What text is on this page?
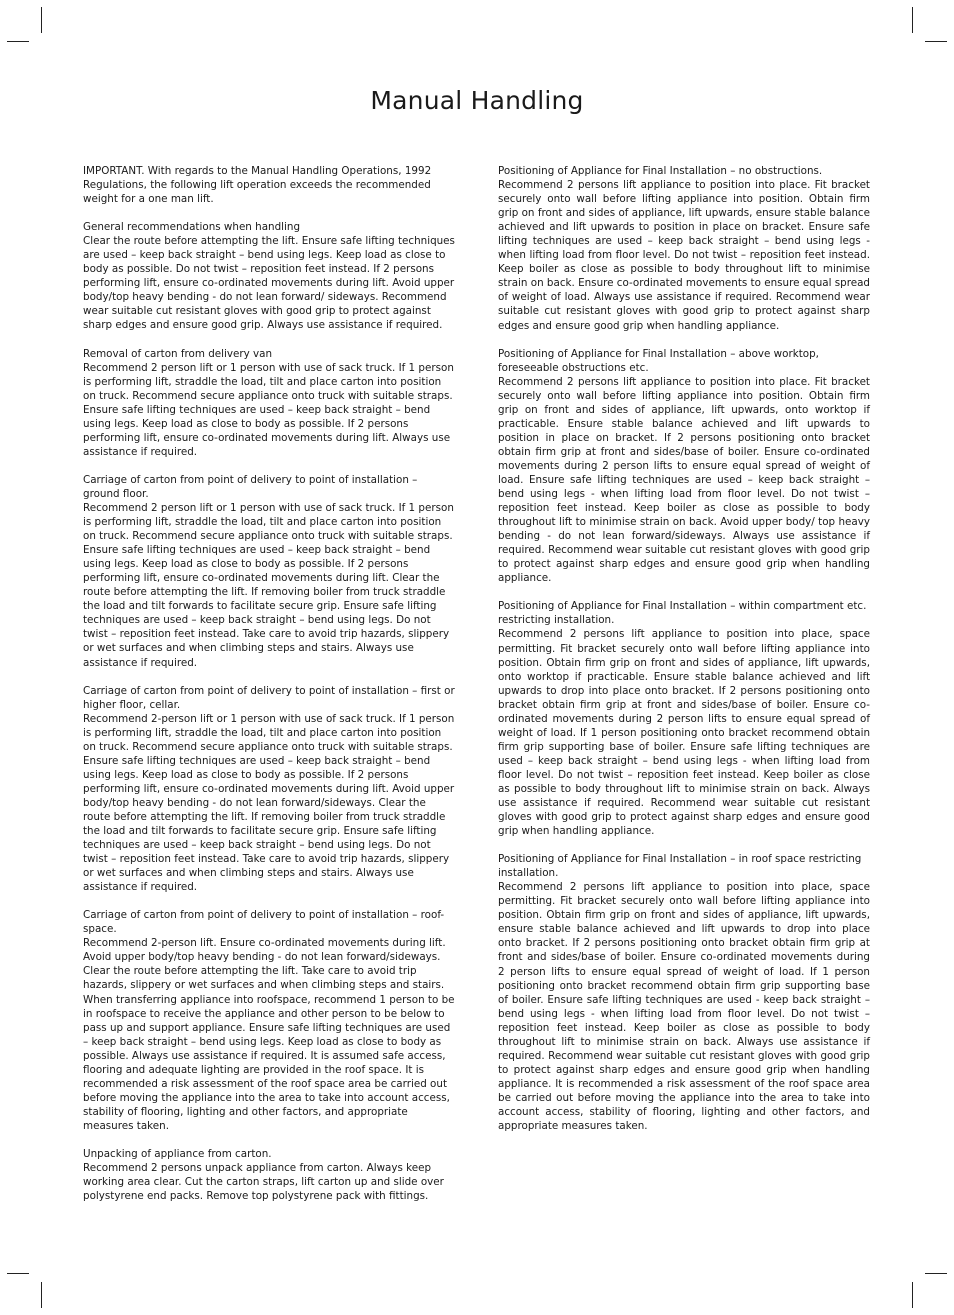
Manual Handling

IMPORTANT. With regards to the Manual Handling Operations, 1992 Regulations, the following lift operation exceeds the recommended weight for a one man lift.

General recommendations when handling

Clear the route before attempting the lift. Ensure safe lifting techniques are used – keep back straight – bend using legs. Keep load as close to body as possible. Do not twist – reposition feet instead. If 2 persons performing lift, ensure co-ordinated movements during lift. Avoid upper body/top heavy bending - do not lean forward/ sideways. Recommend wear suitable cut resistant gloves with good grip to protect against sharp edges and ensure good grip. Always use assistance if required.

Removal of carton from delivery van

Recommend 2 person lift or 1 person with use of sack truck. If 1 person is performing lift, straddle the load, tilt and place carton into position on truck. Recommend secure appliance onto truck with suitable straps. Ensure safe lifting techniques are used – keep back straight – bend using legs. Keep load as close to body as possible. If 2 persons performing lift, ensure co-ordinated movements during lift. Always use assistance if required.

Carriage of carton from point of delivery to point of installation – ground floor.

Recommend 2 person lift or 1 person with use of sack truck. If 1 person is performing lift, straddle the load, tilt and place carton into position on truck. Recommend secure appliance onto truck with suitable straps. Ensure safe lifting techniques are used – keep back straight – bend using legs. Keep load as close to body as possible. If 2 persons performing lift, ensure co-ordinated movements during lift. Clear the route before attempting the lift. If removing boiler from truck straddle the load and tilt forwards to facilitate secure grip. Ensure safe lifting techniques are used – keep back straight – bend using legs. Do not twist – reposition feet instead. Take care to avoid trip hazards, slippery or wet surfaces and when climbing steps and stairs. Always use assistance if required.

Carriage of carton from point of delivery to point of installation – first or higher floor, cellar.

Recommend 2-person lift or 1 person with use of sack truck. If 1 person is performing lift, straddle the load, tilt and place carton into position on truck. Recommend secure appliance onto truck with suitable straps. Ensure safe lifting techniques are used – keep back straight – bend using legs. Keep load as close to body as possible. If 2 persons performing lift, ensure co-ordinated movements during lift. Avoid upper body/top heavy bending - do not lean forward/sideways. Clear the route before attempting the lift. If removing boiler from truck straddle the load and tilt forwards to facilitate secure grip. Ensure safe lifting techniques are used – keep back straight – bend using legs. Do not twist – reposition feet instead. Take care to avoid trip hazards, slippery or wet surfaces and when climbing steps and stairs. Always use assistance if required.

Carriage of carton from point of delivery to point of installation – roof-space.

Recommend 2-person lift. Ensure co-ordinated movements during lift. Avoid upper body/top heavy bending - do not lean forward/sideways. Clear the route before attempting the lift. Take care to avoid trip hazards, slippery or wet surfaces and when climbing steps and stairs. When transferring appliance into roofspace, recommend 1 person to be in roofspace to receive the appliance and other person to be below to pass up and support appliance. Ensure safe lifting techniques are used – keep back straight – bend using legs. Keep load as close to body as possible. Always use assistance if required. It is assumed safe access, flooring and adequate lighting are provided in the roof space. It is recommended a risk assessment of the roof space area be carried out before moving the appliance into the area to take into account access, stability of flooring, lighting and other factors, and appropriate measures taken.

Unpacking of appliance from carton.

Recommend 2 persons unpack appliance from carton. Always keep working area clear. Cut the carton straps, lift carton up and slide over polystyrene end packs. Remove top polystyrene pack with fittings.

Positioning of Appliance for Final Installation – no obstructions.

Recommend 2 persons lift appliance to position into place. Fit bracket securely onto wall before lifting appliance into position. Obtain firm grip on front and sides of appliance, lift upwards, ensure stable balance achieved and lift upwards to position in place on bracket. Ensure safe lifting techniques are used – keep back straight – bend using legs - when lifting load from floor level. Do not twist – reposition feet instead. Keep boiler as close as possible to body throughout lift to minimise strain on back. Ensure co-ordinated movements to ensure equal spread of weight of load. Always use assistance if required. Recommend wear suitable cut resistant gloves with good grip to protect against sharp edges and ensure good grip when handling appliance.

Positioning of Appliance for Final Installation – above worktop, foreseeable obstructions etc.

Recommend 2 persons lift appliance to position into place. Fit bracket securely onto wall before lifting appliance into position. Obtain firm grip on front and sides of appliance, lift upwards, onto worktop if practicable. Ensure stable balance achieved and lift upwards to position in place on bracket. If 2 persons positioning onto bracket obtain firm grip at front and sides/base of boiler. Ensure co-ordinated movements during 2 person lifts to ensure equal spread of weight of load. Ensure safe lifting techniques are used – keep back straight – bend using legs - when lifting load from floor level. Do not twist – reposition feet instead. Keep boiler as close as possible to body throughout lift to minimise strain on back. Avoid upper body/ top heavy bending - do not lean forward/sideways. Always use assistance if required. Recommend wear suitable cut resistant gloves with good grip to protect against sharp edges and ensure good grip when handling appliance.

Positioning of Appliance for Final Installation – within compartment etc. restricting installation.

Recommend 2 persons lift appliance to position into place, space permitting. Fit bracket securely onto wall before lifting appliance into position. Obtain firm grip on front and sides of appliance, lift upwards, onto worktop if practicable. Ensure stable balance achieved and lift upwards to drop into place onto bracket. If 2 persons positioning onto bracket obtain firm grip at front and sides/base of boiler. Ensure co-ordinated movements during 2 person lifts to ensure equal spread of weight of load. If 1 person positioning onto bracket recommend obtain firm grip supporting base of boiler. Ensure safe lifting techniques are used – keep back straight – bend using legs - when lifting load from floor level. Do not twist – reposition feet instead. Keep boiler as close as possible to body throughout lift to minimise strain on back. Always use assistance if required. Recommend wear suitable cut resistant gloves with good grip to protect against sharp edges and ensure good grip when handling appliance.

Positioning of Appliance for Final Installation – in roof space restricting installation.

Recommend 2 persons lift appliance to position into place, space permitting. Fit bracket securely onto wall before lifting appliance into position. Obtain firm grip on front and sides of appliance, lift upwards, ensure stable balance achieved and lift upwards to drop into place onto bracket. If 2 persons positioning onto bracket obtain firm grip at front and sides/base of boiler. Ensure co-ordinated movements during 2 person lifts to ensure equal spread of weight of load. If 1 person positioning onto bracket recommend obtain firm grip supporting base of boiler. Ensure safe lifting techniques are used - keep back straight – bend using legs - when lifting load from floor level. Do not twist – reposition feet instead. Keep boiler as close as possible to body throughout lift to minimise strain on back. Always use assistance if required. Recommend wear suitable cut resistant gloves with good grip to protect against sharp edges and ensure good grip when handling appliance. It is recommended a risk assessment of the roof space area be carried out before moving the appliance into the area to take into account access, stability of flooring, lighting and other factors, and appropriate measures taken.
